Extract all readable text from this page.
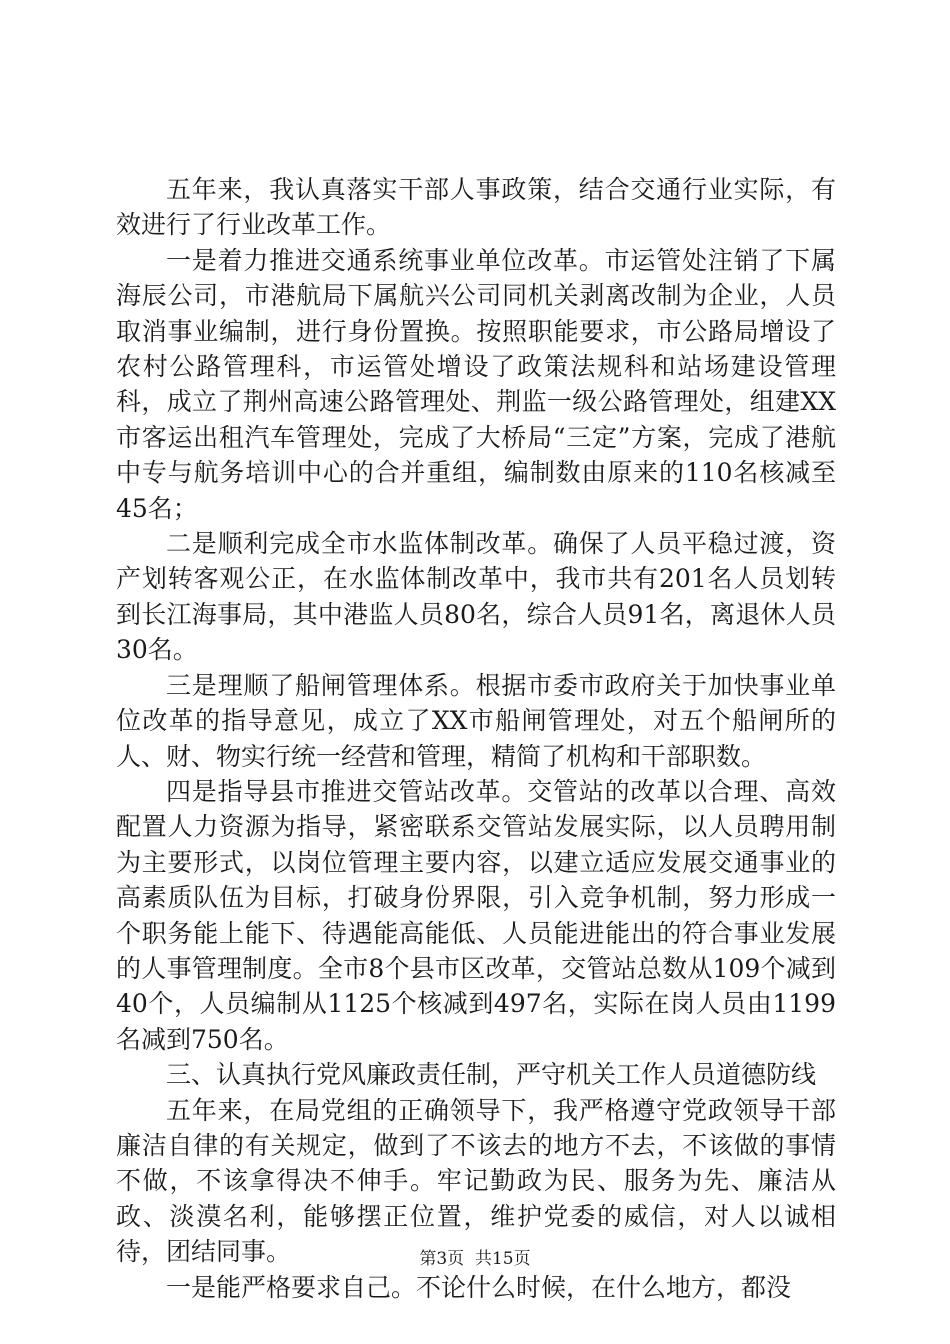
五年来，我认真落实干部人事政策，结合交通行业实际，有效进行了行业改革工作。

一是着力推进交通系统事业单位改革。市运管处注销了下属海辰公司，市港航局下属航兴公司同机关剥离改制为企业，人员取消事业编制，进行身份置换。按照职能要求，市公路局增设了农村公路管理科，市运管处增设了政策法规科和站场建设管理科，成立了荆州高速公路管理处、荆监一级公路管理处，组建XX市客运出租汽车管理处，完成了大桥局“三定”方案，完成了港航中专与航务培训中心的合并重组，编制数由原来的110名核减至45名；

二是顺利完成全市水监体制改革。确保了人员平稳过渡，资产划转客观公正，在水监体制改革中，我市共有201名人员划转到长江海事局，其中港监人员80名，综合人员91名，离退休人员30名。

三是理顺了船闸管理体系。根据市委市政府关于加快事业单位改革的指导意见，成立了XX市船闸管理处，对五个船闸所的人、财、物实行统一经营和管理，精简了机构和干部职数。

四是指导县市推进交管站改革。交管站的改革以合理、高效配置人力资源为指导，紧密联系交管站发展实际，以人员聘用制为主要形式，以岗位管理主要内容，以建立适应发展交通事业的高素质队伍为目标，打破身份界限，引入竞争机制，努力形成一个职务能上能下、待遇能高能低、人员能进能出的符合事业发展的人事管理制度。全市8个县市区改革，交管站总数从109个减到40个，人员编制从1125个核减到497名，实际在岗人员由1199名减到750名。

三、认真执行党风廉政责任制，严守机关工作人员道德防线

五年来，在局党组的正确领导下，我严格遵守党政领导干部廉洁自律的有关规定，做到了不该去的地方不去，不该做的事情不做，不该拿得决不伸手。牢记勤政为民、服务为先、廉洁从政、淡漠名利，能够摆正位置，维护党委的威信，对人以诚相待，团结同事。

一是能严格要求自己。不论什么时候，在什么地方，都没

第3页  共15页
